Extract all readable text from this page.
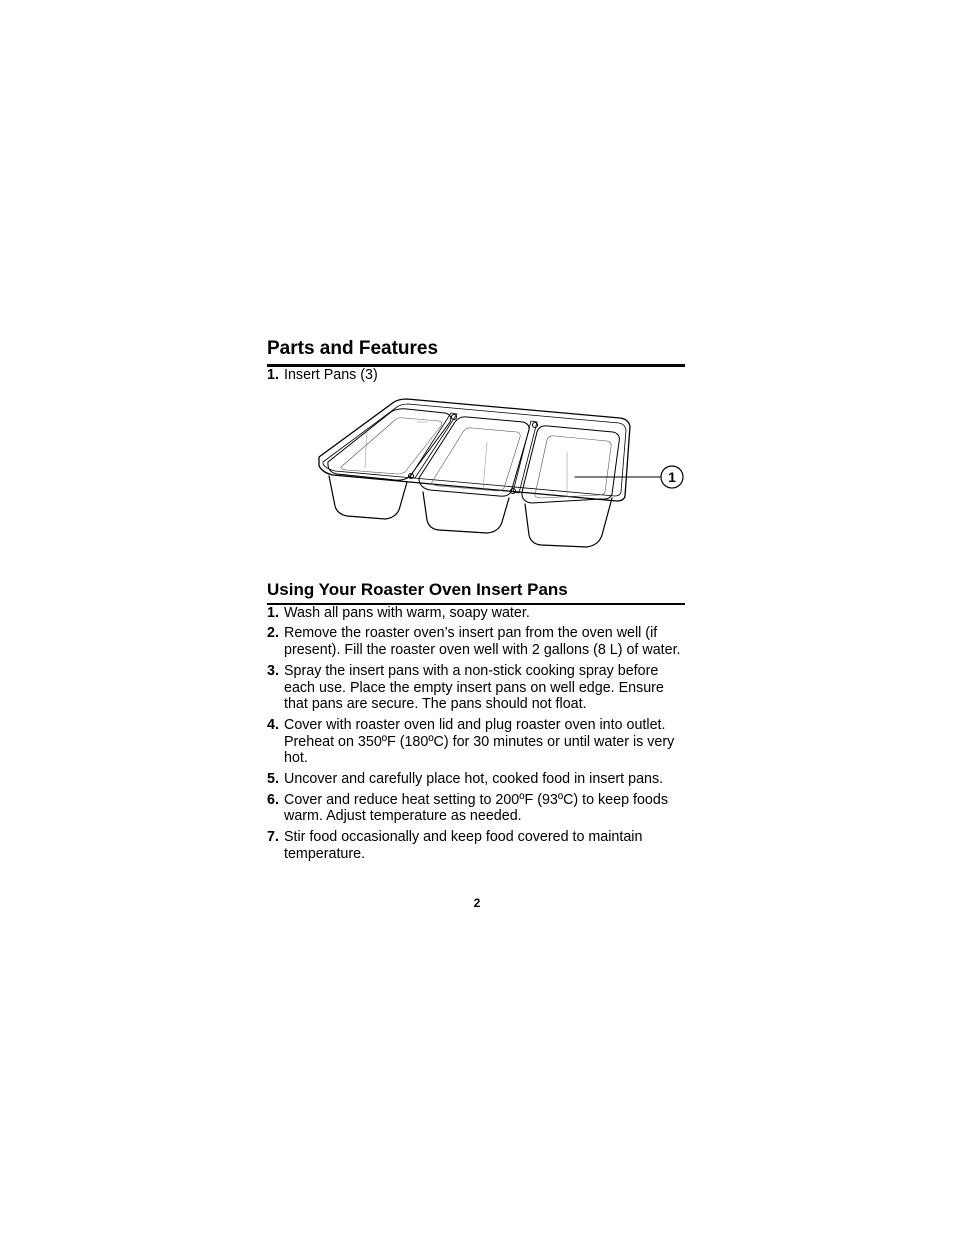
Parts and Features
1. Insert Pans (3)
1
Using Your Roaster Oven Insert Pans
1. Wash all pans with warm, soapy water.
2. Remove the roaster oven’s insert pan from the oven well (if present). Fill the roaster oven well with 2 gallons (8 L) of water.
3. Spray the insert pans with a non-stick cooking spray before each use. Place the empty insert pans on well edge. Ensure that pans are secure. The pans should not float.
4. Cover with roaster oven lid and plug roaster oven into outlet. Preheat on 350ºF (180ºC) for 30 minutes or until water is very hot.
5. Uncover and carefully place hot, cooked food in insert pans.
6. Cover and reduce heat setting to 200ºF (93ºC) to keep foods warm. Adjust temperature as needed.
7. Stir food occasionally and keep food covered to maintain temperature.
2
